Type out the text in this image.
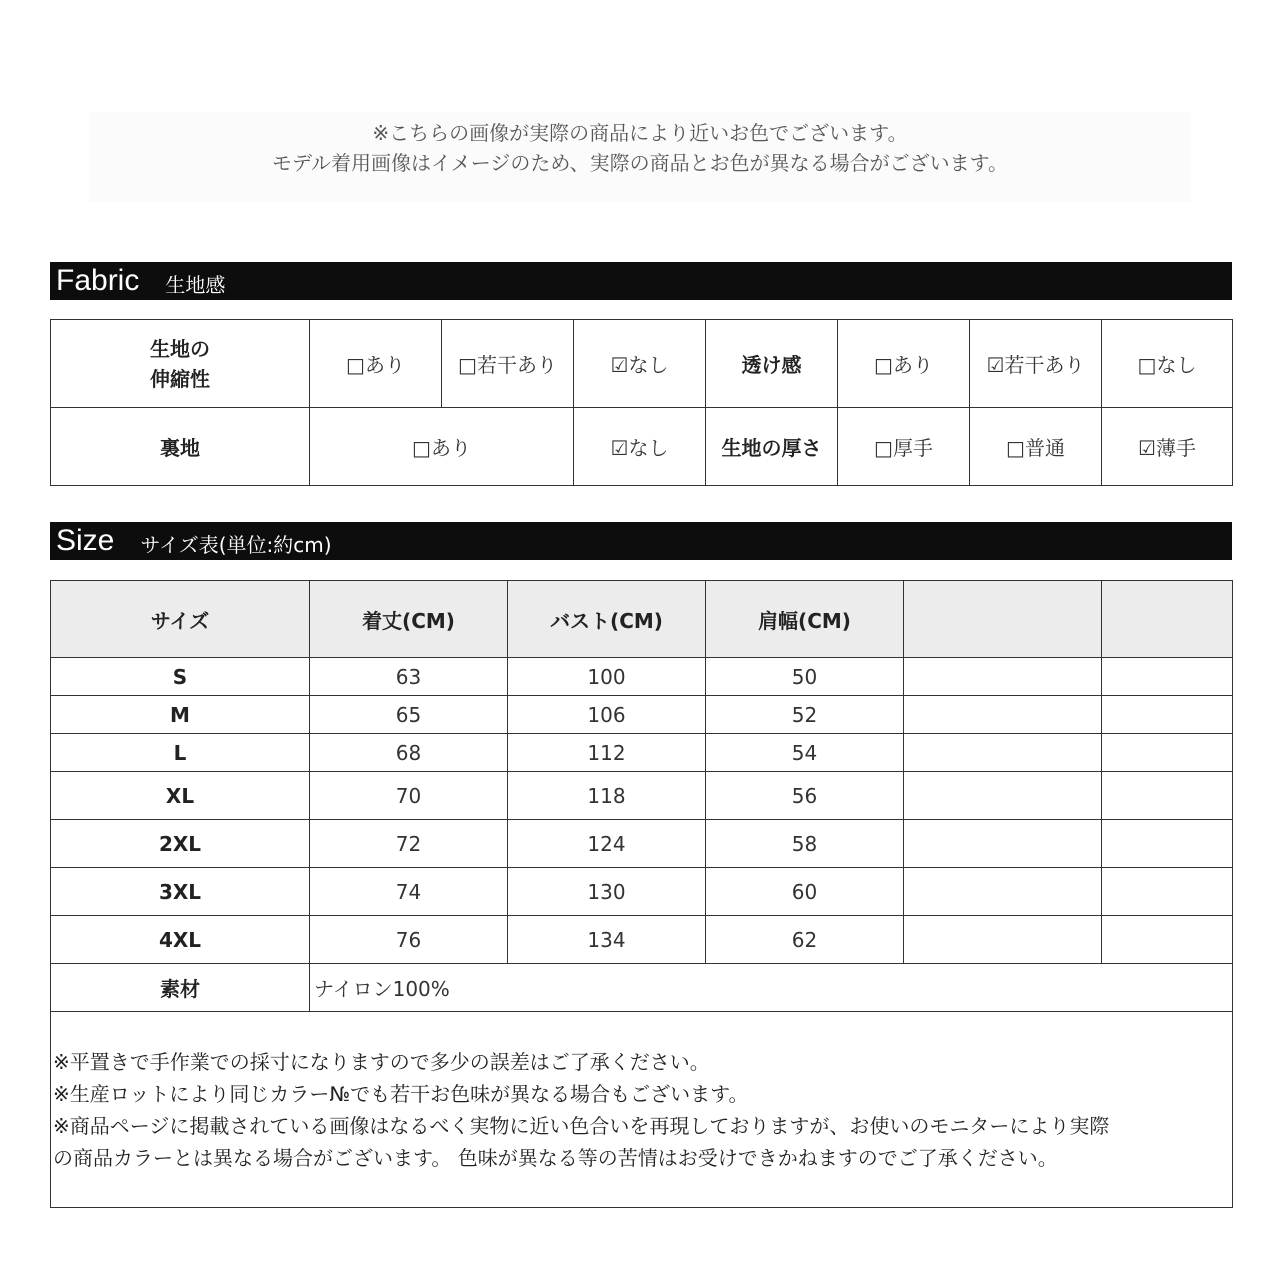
※こちらの画像が実際の商品により近いお色でございます。
モデル着用画像はイメージのため、実際の商品とお色が異なる場合がございます。
Fabric 生地感
生地の伸縮性	□あり	□若干あり	☑なし	透け感	□あり	☑若干あり	□なし
裏地	□あり		☑なし	生地の厚さ	□厚手	□普通	☑薄手
Size サイズ表(単位:約cm)
サイズ	着丈(CM)	バスト(CM)	肩幅(CM)		
S	63	100	50		
M	65	106	52		
L	68	112	54		
XL	70	118	56		
2XL	72	124	58		
3XL	74	130	60		
4XL	76	134	62		
素材	ナイロン100%				

※平置きで手作業での採寸になりますので多少の誤差はご了承ください。
※生産ロットにより同じカラー№でも若干お色味が異なる場合もございます。
※商品ページに掲載されている画像はなるべく実物に近い色合いを再現しておりますが、お使いのモニターにより実際
の商品カラーとは異なる場合がございます。 色味が異なる等の苦情はお受けできかねますのでご了承ください。					
